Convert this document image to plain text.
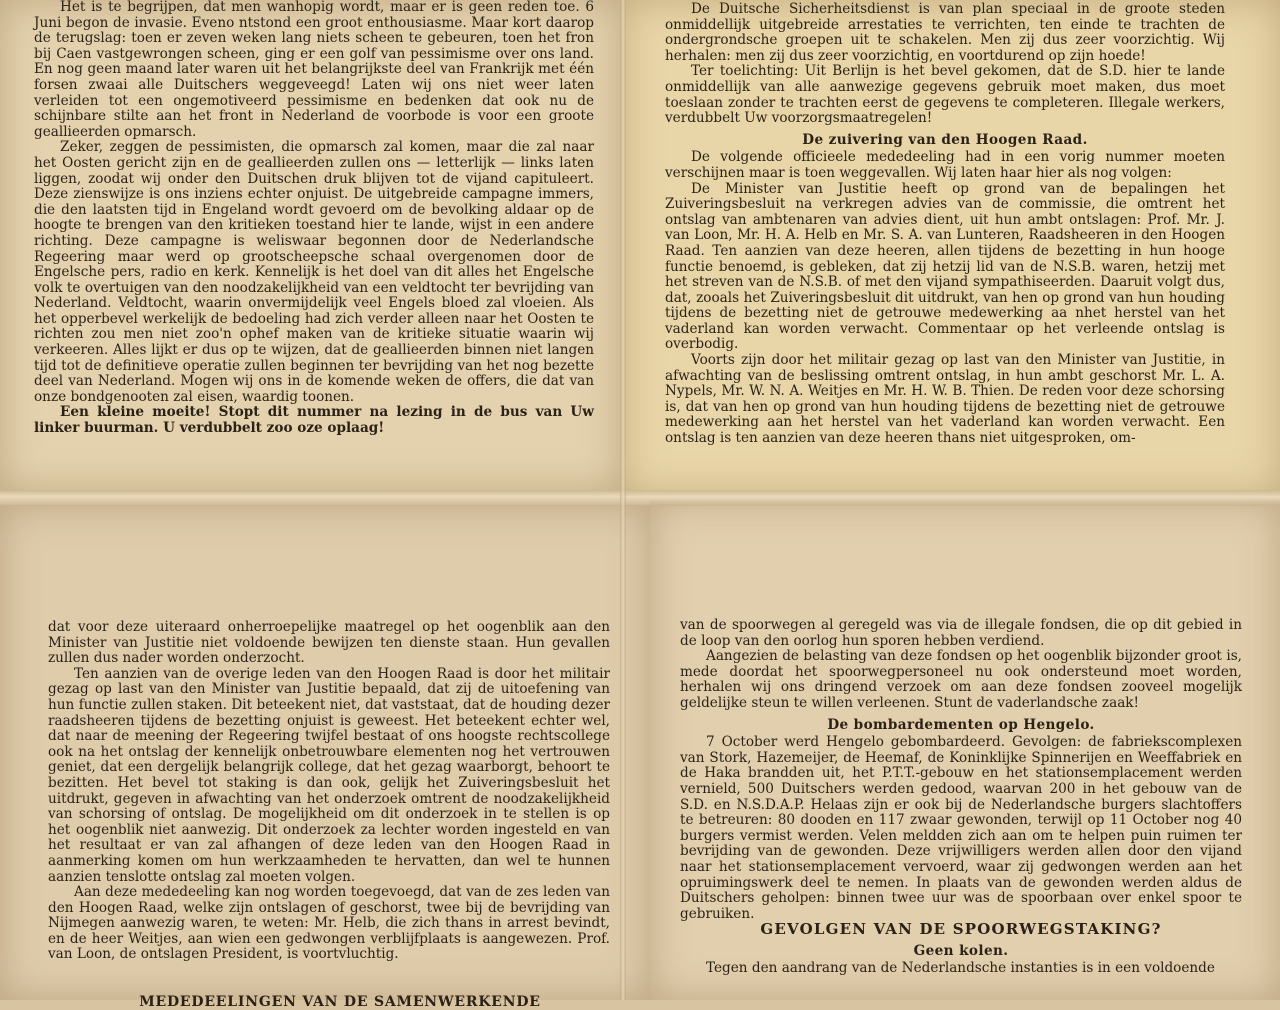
Het is te begrijpen, dat men wanhopig wordt, maar er is geen reden toe. 6 Juni begon de invasie. Eveno ntstond een groot enthousiasme. Maar kort daarop de terugslag: toen er zeven weken lang niets scheen te gebeuren, toen het fron bij Caen vastgewrongen scheen, ging er een golf van pessimisme over ons land. En nog geen maand later waren uit het belangrijkste deel van Frankrijk met één forsen zwaai alle Duitschers weggeveegd! Laten wij ons niet weer laten verleiden tot een ongemotiveerd pessimisme en bedenken dat ook nu de schijnbare stilte aan het front in Nederland de voorbode is voor een groote geallieerden opmarsch.

Zeker, zeggen de pessimisten, die opmarsch zal komen, maar die zal naar het Oosten gericht zijn en de geallieerden zullen ons — letterlijk — links laten liggen, zoodat wij onder den Duitschen druk blijven tot de vijand capituleert. Deze zienswijze is ons inziens echter onjuist. De uitgebreide campagne immers, die den laatsten tijd in Engeland wordt gevoerd om de bevolking aldaar op de hoogte te brengen van den kritieken toestand hier te lande, wijst in een andere richting. Deze campagne is weliswaar begonnen door de Nederlandsche Regeering maar werd op grootscheepsche schaal overgenomen door de Engelsche pers, radio en kerk. Kennelijk is het doel van dit alles het Engelsche volk te overtuigen van den noodzakelijkheid van een veldtocht ter bevrijding van Nederland. Veldtocht, waarin onvermijdelijk veel Engels bloed zal vloeien. Als het opperbevel werkelijk de bedoeling had zich verder alleen naar het Oosten te richten zou men niet zoo'n ophef maken van de kritieke situatie waarin wij verkeeren. Alles lijkt er dus op te wijzen, dat de geallieerden binnen niet langen tijd tot de definitieve operatie zullen beginnen ter bevrijding van het nog bezette deel van Nederland. Mogen wij ons in de komende weken de offers, die dat van onze bondgenooten zal eisen, waardig toonen.

Een kleine moeite! Stopt dit nummer na lezing in de bus van Uw linker buurman. U verdubbelt zoo oze oplaag!

De Duitsche Sicherheitsdienst is van plan speciaal in de groote steden onmiddellijk uitgebreide arrestaties te verrichten, ten einde te trachten de ondergrondsche groepen uit te schakelen. Men zij dus zeer voorzichtig. Wij herhalen: men zij dus zeer voorzichtig, en voortdurend op zijn hoede!

Ter toelichting: Uit Berlijn is het bevel gekomen, dat de S.D. hier te lande onmiddellijk van alle aanwezige gegevens gebruik moet maken, dus moet toeslaan zonder te trachten eerst de gegevens te completeren. Illegale werkers, verdubbelt Uw voorzorgsmaatregelen!

De zuivering van den Hoogen Raad.

De volgende officieele mededeeling had in een vorig nummer moeten verschijnen maar is toen weggevallen. Wij laten haar hier als nog volgen:

De Minister van Justitie heeft op grond van de bepalingen het Zuiveringsbesluit na verkregen advies van de commissie, die omtrent het ontslag van ambtenaren van advies dient, uit hun ambt ontslagen: Prof. Mr. J. van Loon, Mr. H. A. Helb en Mr. S. A. van Lunteren, Raadsheeren in den Hoogen Raad. Ten aanzien van deze heeren, allen tijdens de bezetting in hun hooge functie benoemd, is gebleken, dat zij hetzij lid van de N.S.B. waren, hetzij met het streven van de N.S.B. of met den vijand sympathiseerden. Daaruit volgt dus, dat, zooals het Zuiveringsbesluit dit uitdrukt, van hen op grond van hun houding tijdens de bezetting niet de getrouwe medewerking aa nhet herstel van het vaderland kan worden verwacht. Commentaar op het verleende ontslag is overbodig.

Voorts zijn door het militair gezag op last van den Minister van Justitie, in afwachting van de beslissing omtrent ontslag, in hun ambt geschorst Mr. L. A. Nypels, Mr. W. N. A. Weitjes en Mr. H. W. B. Thien. De reden voor deze schorsing is, dat van hen op grond van hun houding tijdens de bezetting niet de getrouwe medewerking aan het herstel van het vaderland kan worden verwacht. Een ontslag is ten aanzien van deze heeren thans niet uitgesproken, om-

dat voor deze uiteraard onherroepelijke maatregel op het oogenblik aan den Minister van Justitie niet voldoende bewijzen ten dienste staan. Hun gevallen zullen dus nader worden onderzocht.

Ten aanzien van de overige leden van den Hoogen Raad is door het militair gezag op last van den Minister van Justitie bepaald, dat zij de uitoefening van hun functie zullen staken. Dit beteekent niet, dat vaststaat, dat de houding dezer raadsheeren tijdens de bezetting onjuist is geweest. Het beteekent echter wel, dat naar de meening der Regeering twijfel bestaat of ons hoogste rechtscollege ook na het ontslag der kennelijk onbetrouwbare elementen nog het vertrouwen geniet, dat een dergelijk belangrijk college, dat het gezag waarborgt, behoort te bezitten. Het bevel tot staking is dan ook, gelijk het Zuiveringsbesluit het uitdrukt, gegeven in afwachting van het onderzoek omtrent de noodzakelijkheid van schorsing of ontslag. De mogelijkheid om dit onderzoek in te stellen is op het oogenblik niet aanwezig. Dit onderzoek za lechter worden ingesteld en van het resultaat er van zal afhangen of deze leden van den Hoogen Raad in aanmerking komen om hun werkzaamheden te hervatten, dan wel te hunnen aanzien tenslotte ontslag zal moeten volgen.

Aan deze mededeeling kan nog worden toegevoegd, dat van de zes leden van den Hoogen Raad, welke zijn ontslagen of geschorst, twee bij de bevrijding van Nijmegen aanwezig waren, te weten: Mr. Helb, die zich thans in arrest bevindt, en de heer Weitjes, aan wien een gedwongen verblijfplaats is aangewezen. Prof. van Loon, de ontslagen President, is voortvluchtig.

MEDEDEELINGEN VAN DE SAMENWERKENDE

van de spoorwegen al geregeld was via de illegale fondsen, die op dit gebied in de loop van den oorlog hun sporen hebben verdiend.

Aangezien de belasting van deze fondsen op het oogenblik bijzonder groot is, mede doordat het spoorwegpersoneel nu ook ondersteund moet worden, herhalen wij ons dringend verzoek om aan deze fondsen zooveel mogelijk geldelijke steun te willen verleenen. Stunt de vaderlandsche zaak!

De bombardementen op Hengelo.

7 October werd Hengelo gebombardeerd. Gevolgen: de fabriekscomplexen van Stork, Hazemeijer, de Heemaf, de Koninklijke Spinnerijen en Weeffabriek en de Haka brandden uit, het P.T.T.-gebouw en het stationsemplacement werden vernield, 500 Duitschers werden gedood, waarvan 200 in het gebouw van de S.D. en N.S.D.A.P. Helaas zijn er ook bij de Nederlandsche burgers slachtoffers te betreuren: 80 dooden en 117 zwaar gewonden, terwijl op 11 October nog 40 burgers vermist werden. Velen meldden zich aan om te helpen puin ruimen ter bevrijding van de gewonden. Deze vrijwilligers werden allen door den vijand naar het stationsemplacement vervoerd, waar zij gedwongen werden aan het opruimingswerk deel te nemen. In plaats van de gewonden werden aldus de Duitschers geholpen: binnen twee uur was de spoorbaan over enkel spoor te gebruiken.

GEVOLGEN VAN DE SPOORWEGSTAKING?
Geen kolen.

Tegen den aandrang van de Nederlandsche instanties is in een voldoende
